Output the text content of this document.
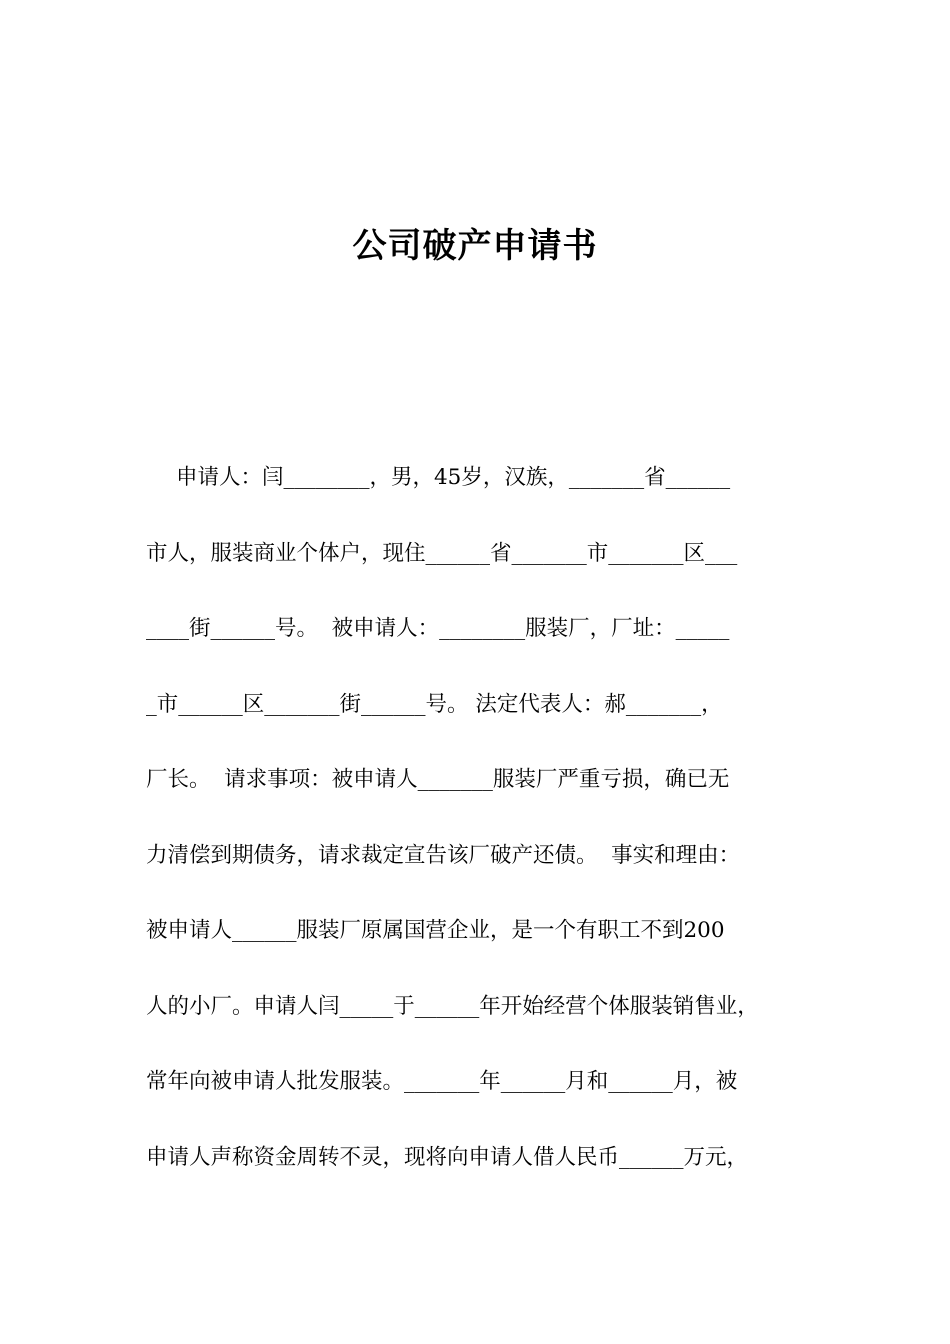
公司破产申请书
申请人：闫________，男，45岁，汉族，_______省______
市人，服装商业个体户，现住______省_______市_______区___
____街______号。  被申请人：________服装厂，厂址：_____
_市______区_______街______号。 法定代表人：郝_______，
厂长。  请求事项：被申请人_______服装厂严重亏损，确已无
力清偿到期债务，请求裁定宣告该厂破产还债。  事实和理由：
被申请人______服装厂原属国营企业，是一个有职工不到200
人的小厂。申请人闫_____于______年开始经营个体服装销售业，
常年向被申请人批发服装。_______年______月和______月，被
申请人声称资金周转不灵，现将向申请人借人民币______万元，
